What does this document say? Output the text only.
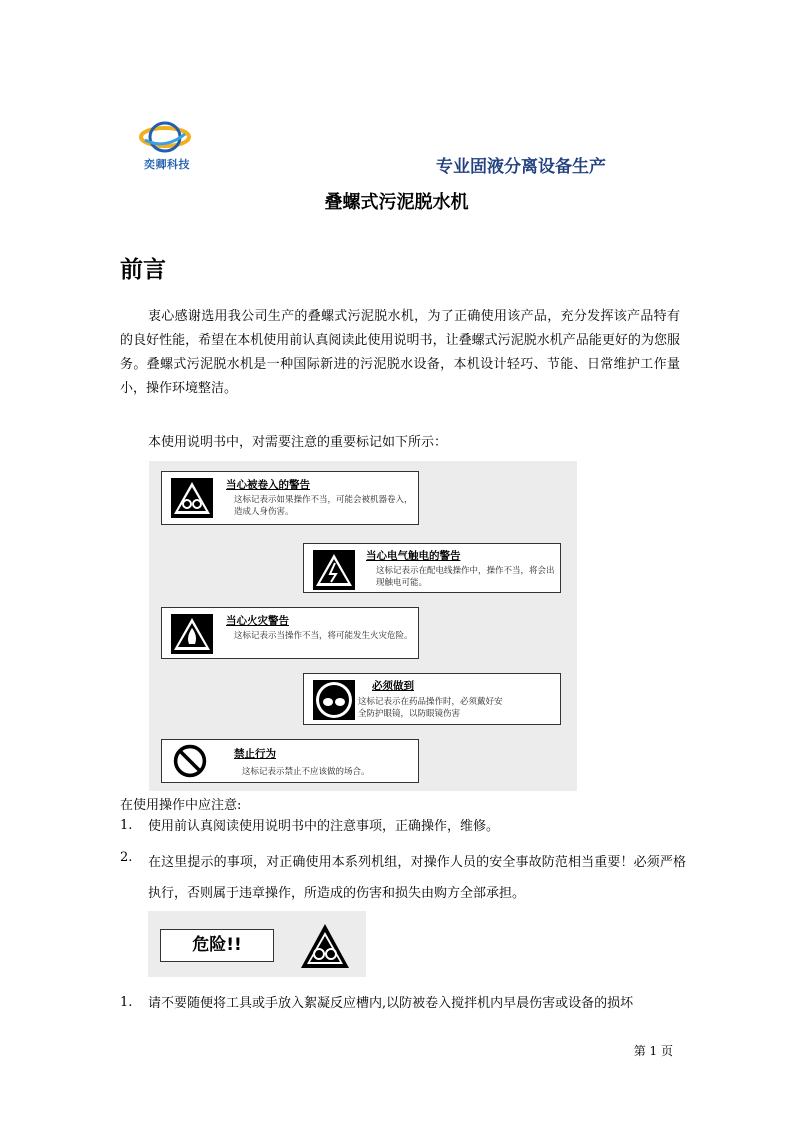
奕卿科技	专业固液分离设备生产
叠螺式污泥脱水机
前言
衷心感谢选用我公司生产的叠螺式污泥脱水机，为了正确使用该产品，充分发挥该产品特有的良好性能，希望在本机使用前认真阅读此使用说明书，让叠螺式污泥脱水机产品能更好的为您服务。叠螺式污泥脱水机是一种国际新进的污泥脱水设备，本机设计轻巧、节能、日常维护工作量小，操作环境整洁。
本使用说明书中，对需要注意的重要标记如下所示：
当心被卷入的警告
这标记表示如果操作不当，可能会被机器卷入，造成人身伤害。
当心电气触电的警告
这标记表示在配电线操作中，操作不当，将会出现触电可能。
当心火灾警告
这标记表示当操作不当，将可能发生火灾危险。
必须做到
这标记表示在药品操作时，必须戴好安全防护眼镜，以防眼镜伤害
禁止行为
这标记表示禁止不应该做的场合。
在使用操作中应注意:
1. 使用前认真阅读使用说明书中的注意事项，正确操作，维修。
2. 在这里提示的事项，对正确使用本系列机组，对操作人员的安全事故防范相当重要！必须严格执行，否则属于违章操作，所造成的伤害和损失由购方全部承担。
危险!!
1. 请不要随便将工具或手放入絮凝反应槽内,以防被卷入搅拌机内早晨伤害或设备的损坏
第 1 页
